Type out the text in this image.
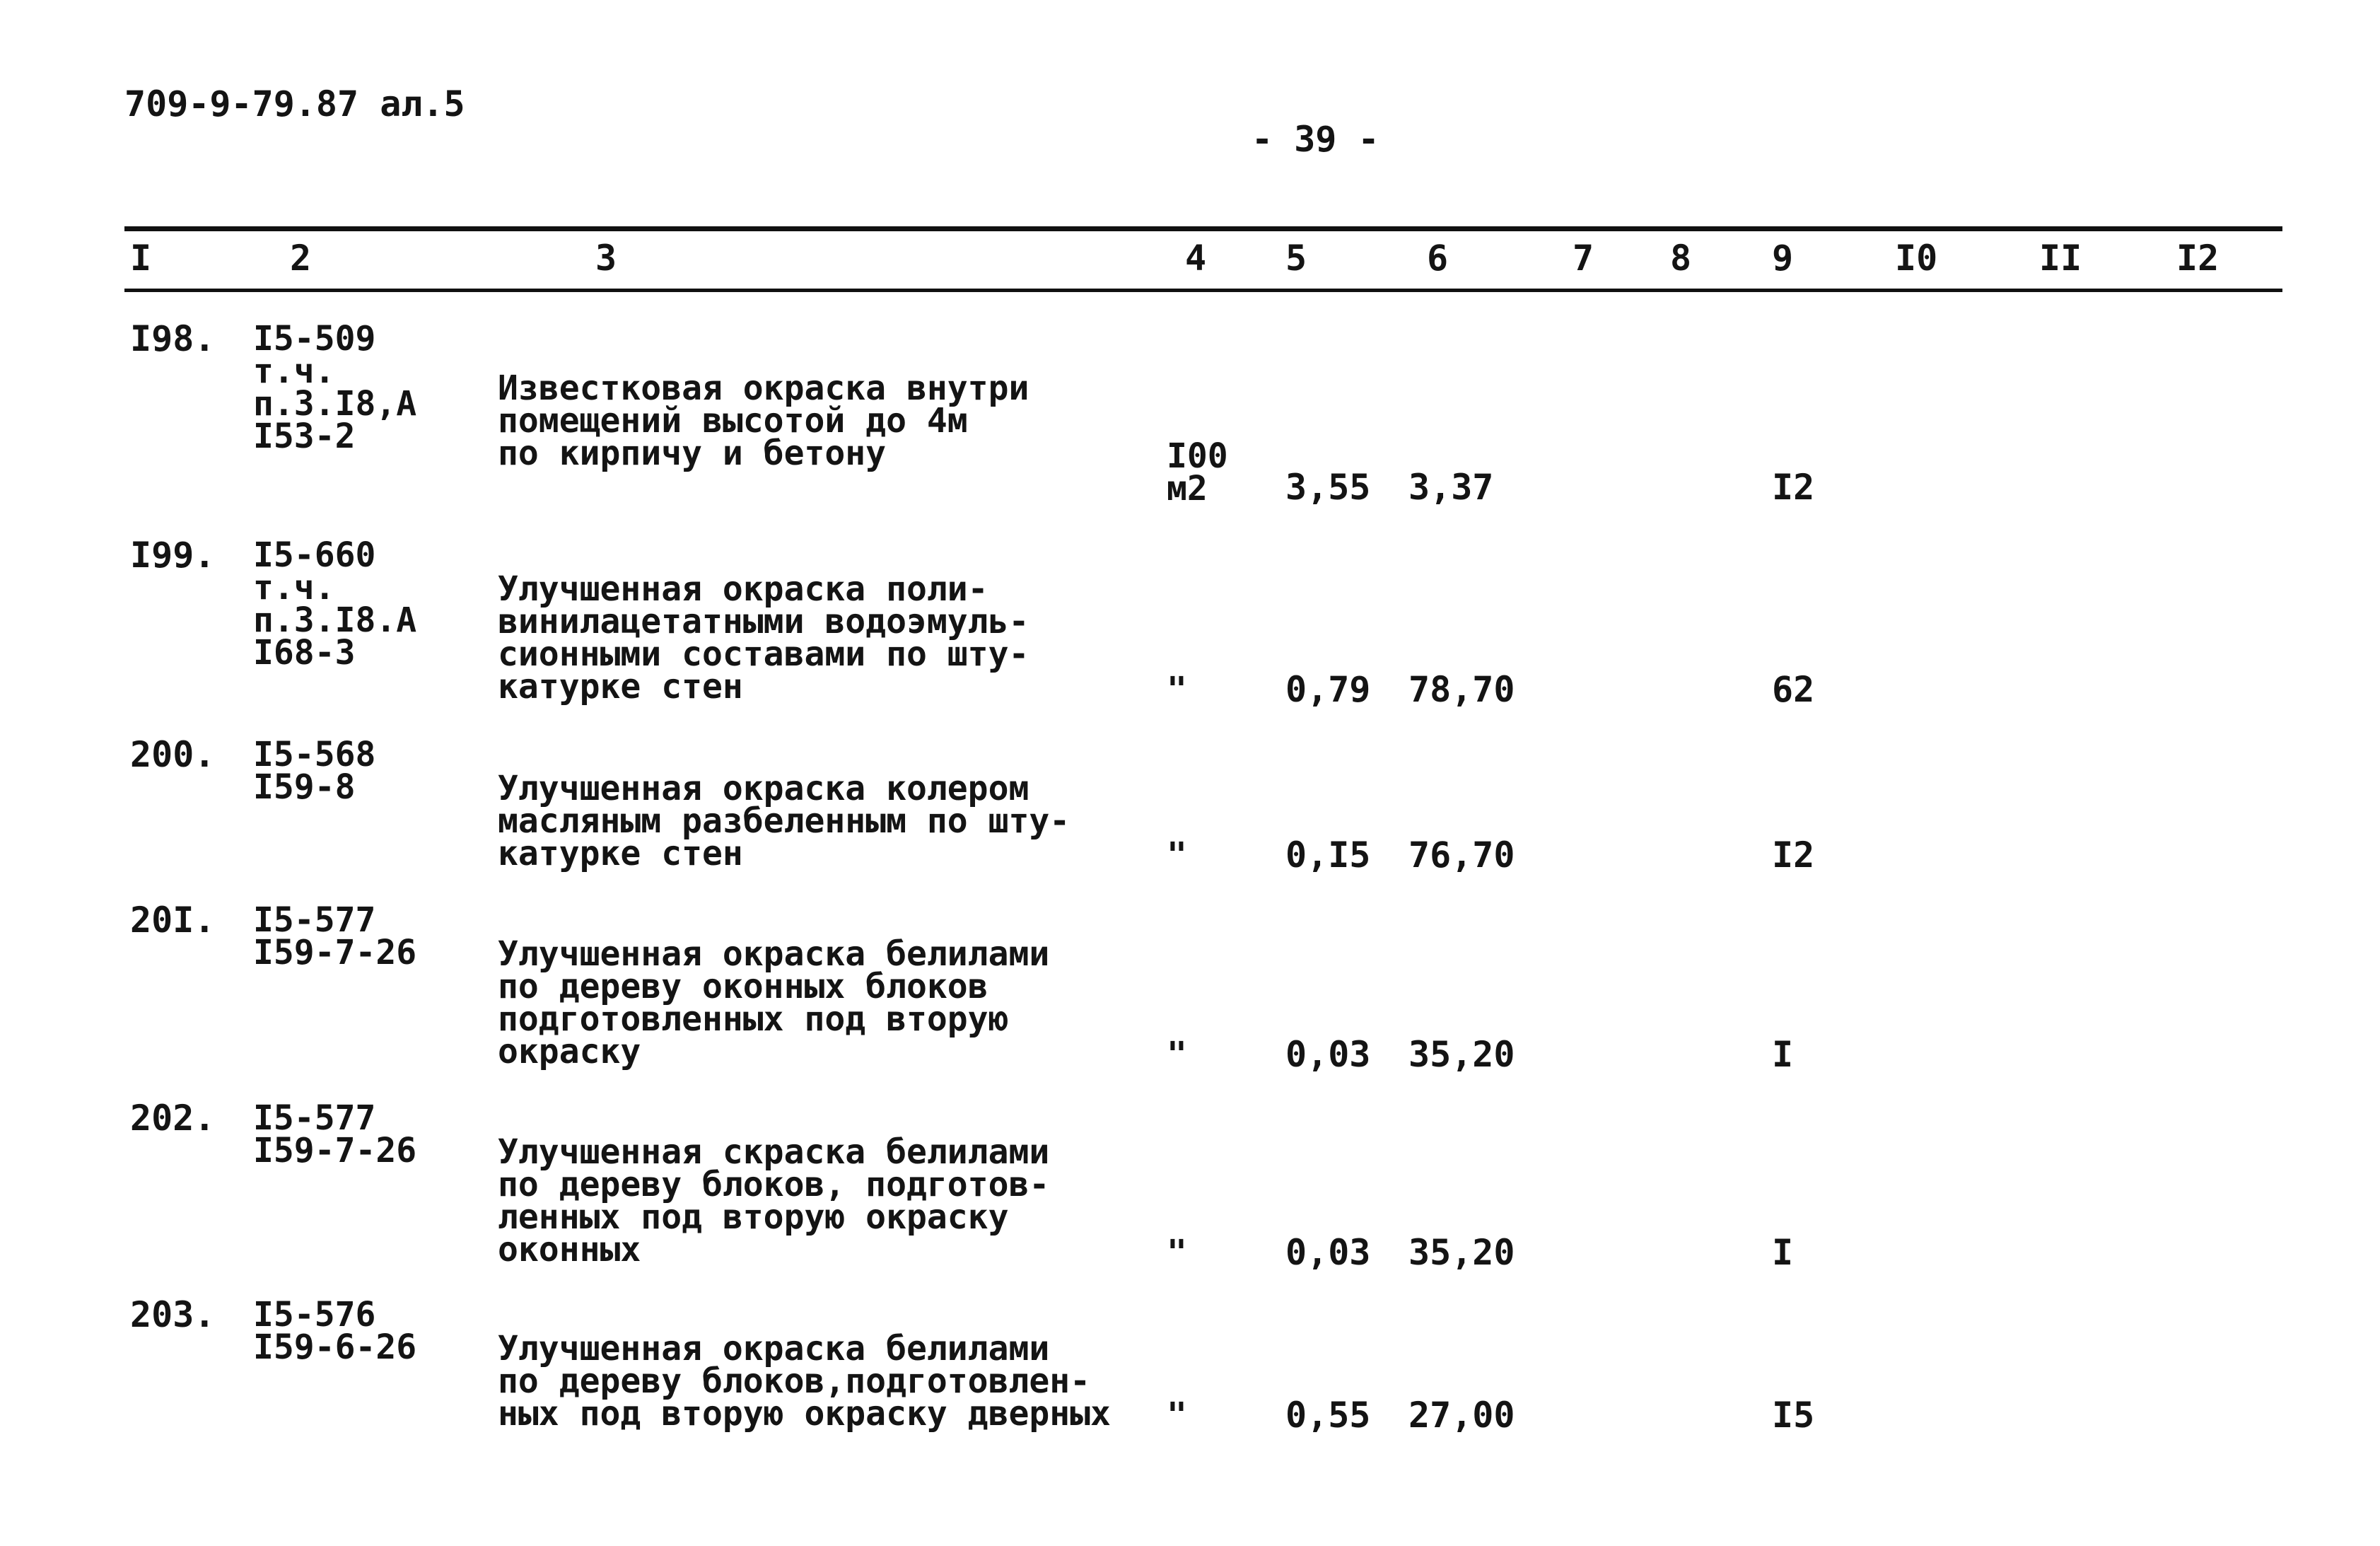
709-9-79.87 ал.5
- 39 -
I	2	3	4 5	6	7 8 9	I0	II	I2
I98. I5-509
т.ч.
п.3.I8,А
I53-2
Известковая окраска внутри
помещений высотой до 4м
по кирпичу и бетону	I00
м2	3,55 3,37	I2
I99. I5-660
т.ч.
п.3.I8.А
I68-3
Улучшенная окраска поли-
винилацетатными водоэмуль-
сионными составами по шту-
катурке стен	"	0,79 78,70	62
200. I5-568
I59-8	Улучшенная окраска колером
масляным разбеленным по шту-
катурке стен	"	0,I5 76,70	I2
20I. I5-577
I59-7-26 Улучшенная окраска белилами
по дереву оконных блоков
подготовленных под вторую
окраску	"	0,03 35,20	I
202. I5-577
I59-7-26 Улучшенная скраска белилами
по дереву блоков, подготов-
ленных под вторую окраску
оконных	"	0,03 35,20	I
203. I5-576
I59-6-26 Улучшенная окраска белилами
по дереву блоков,подготовлен-
ных под вторую окраску дверных "	0,55 27,00	I5
